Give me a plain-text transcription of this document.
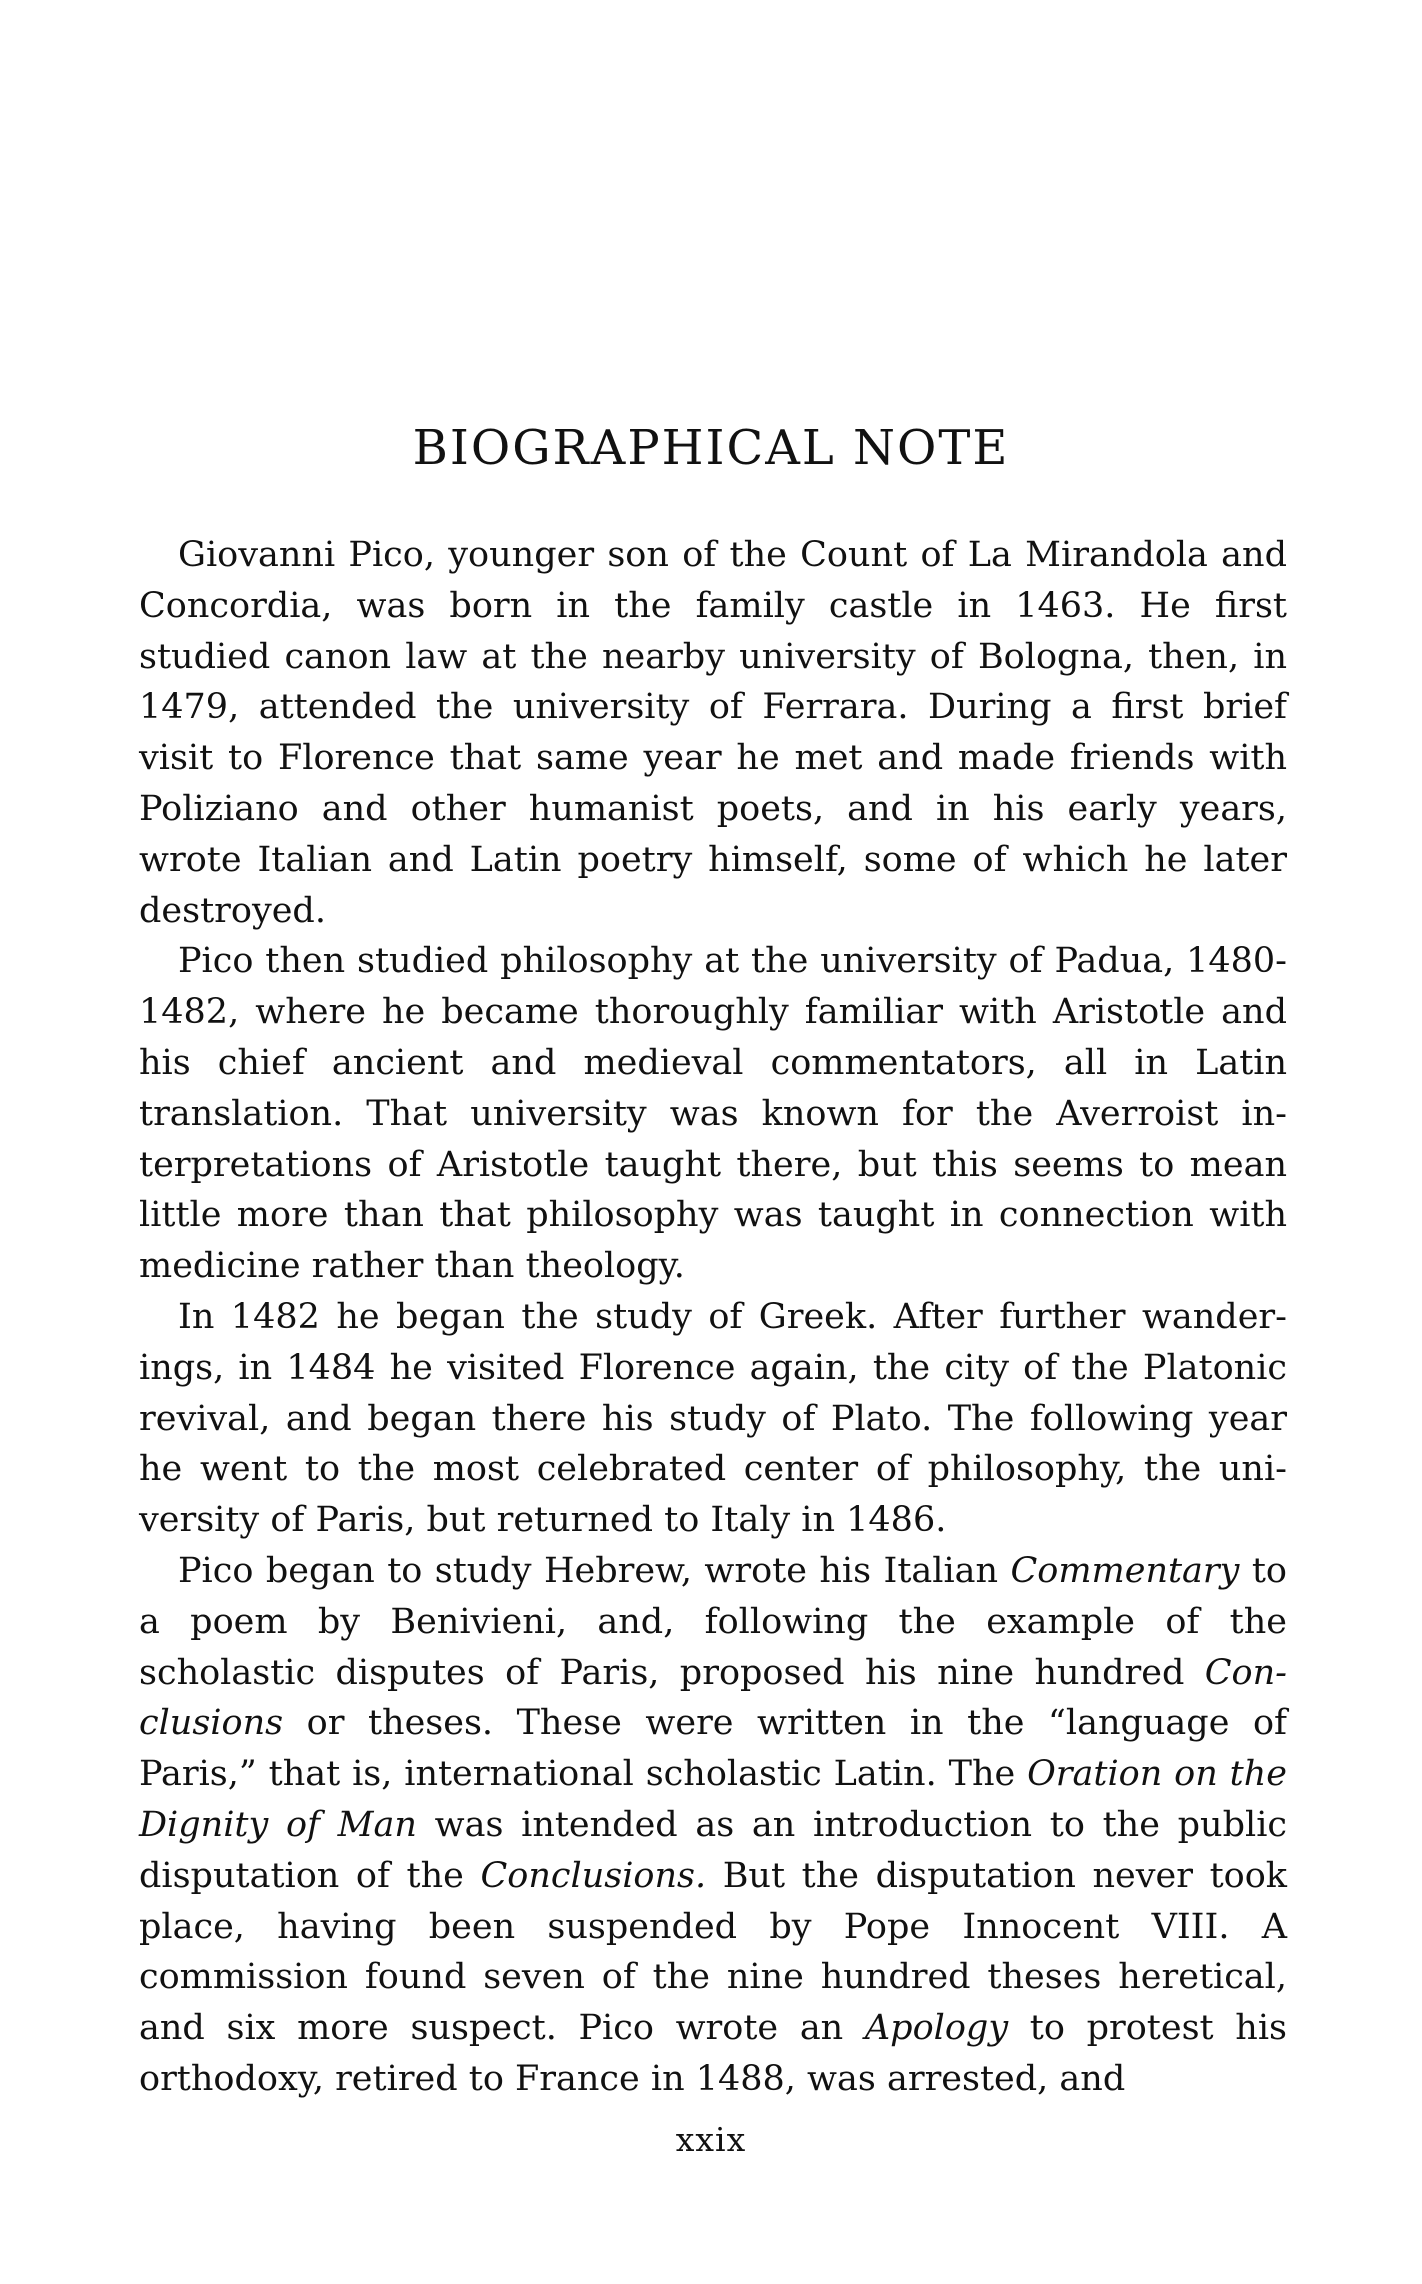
BIOGRAPHICAL NOTE

Giovanni Pico, younger son of the Count of La Mirandola and Concordia, was born in the family castle in 1463. He first studied canon law at the nearby university of Bologna, then, in 1479, attended the university of Ferrara. During a first brief visit to Florence that same year he met and made friends with Poliziano and other humanist poets, and in his early years, wrote Italian and Latin poetry himself, some of which he later destroyed.

Pico then studied philosophy at the university of Padua, 1480-1482, where he became thoroughly familiar with Aristotle and his chief ancient and medieval commentators, all in Latin translation. That university was known for the Averroist interpretations of Aristotle taught there, but this seems to mean little more than that philosophy was taught in connection with medicine rather than theology.

In 1482 he began the study of Greek. After further wanderings, in 1484 he visited Florence again, the city of the Platonic revival, and began there his study of Plato. The following year he went to the most celebrated center of philosophy, the university of Paris, but returned to Italy in 1486.

Pico began to study Hebrew, wrote his Italian Commentary to a poem by Benivieni, and, following the example of the scholastic disputes of Paris, proposed his nine hundred Conclusions or theses. These were written in the “language of Paris,” that is, international scholastic Latin. The Oration on the Dignity of Man was intended as an introduction to the public disputation of the Conclusions. But the disputation never took place, having been suspended by Pope Innocent VIII. A commission found seven of the nine hundred theses heretical, and six more suspect. Pico wrote an Apology to protest his orthodoxy, retired to France in 1488, was arrested, and

xxix
